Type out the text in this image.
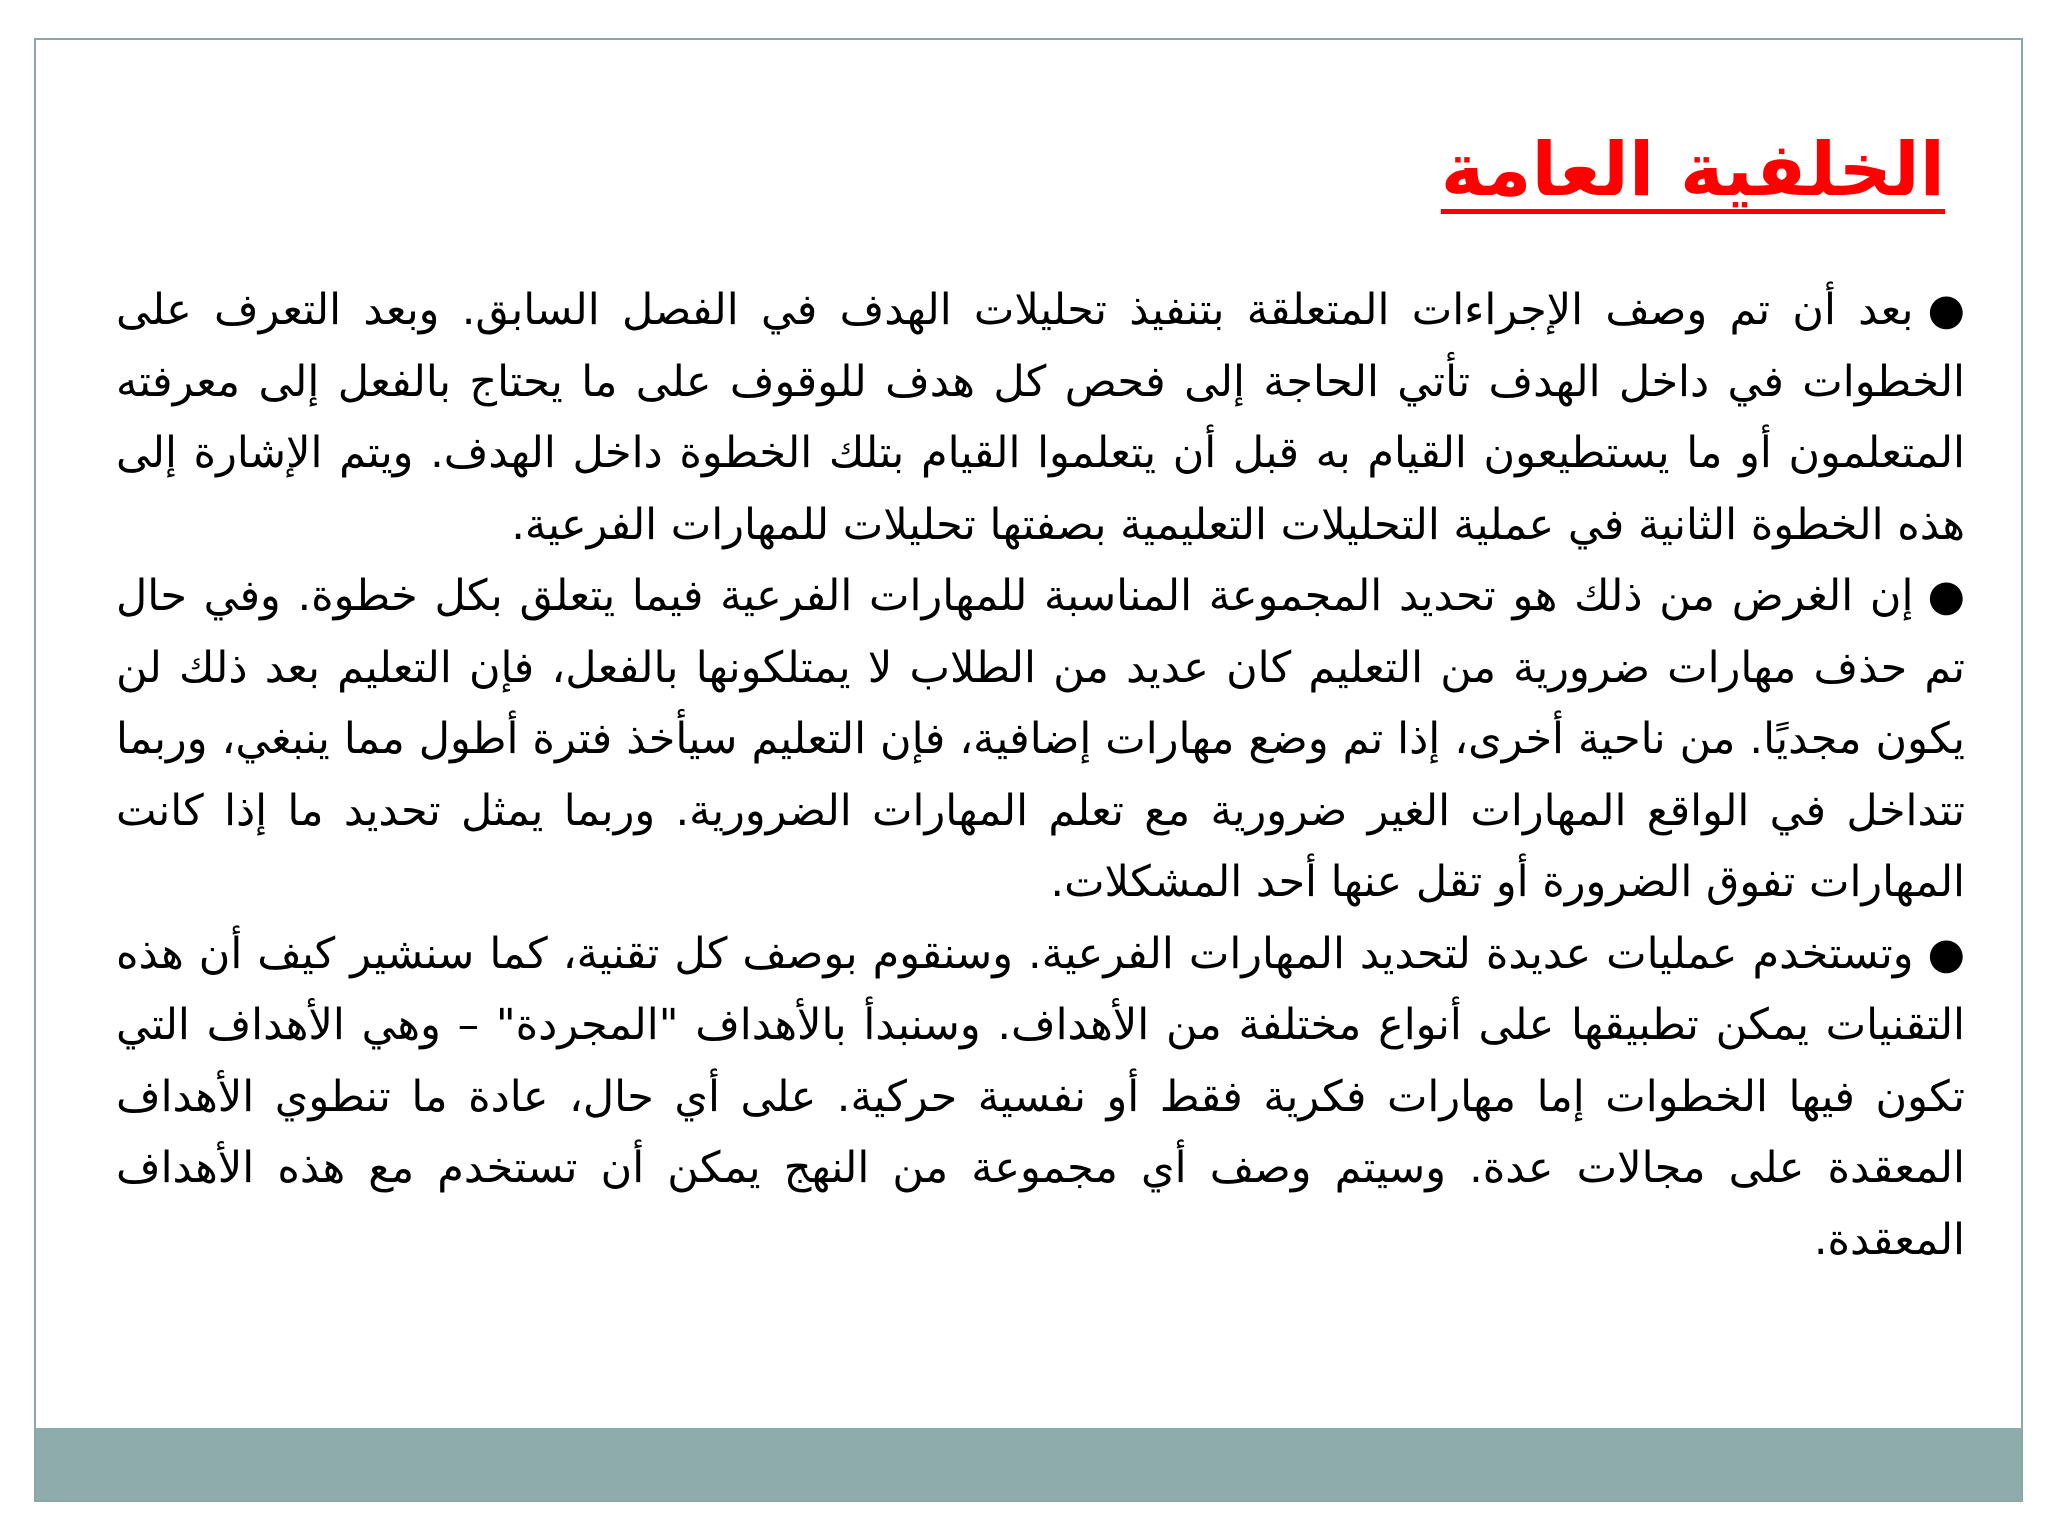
الخلفية العامة

●بعد أن تم وصف الإجراءات المتعلقة بتنفيذ تحليلات الهدف في الفصل السابق. وبعد التعرف على الخطوات في داخل الهدف تأتي الحاجة إلى فحص كل هدف للوقوف على ما يحتاج بالفعل إلى معرفته المتعلمون أو ما يستطيعون القيام به قبل أن يتعلموا القيام بتلك الخطوة داخل الهدف. ويتم الإشارة إلى هذه الخطوة الثانية في عملية التحليلات التعليمية بصفتها تحليلات للمهارات الفرعية.

●إن الغرض من ذلك هو تحديد المجموعة المناسبة للمهارات الفرعية فيما يتعلق بكل خطوة. وفي حال تم حذف مهارات ضرورية من التعليم كان عديد من الطلاب لا يمتلكونها بالفعل، فإن التعليم بعد ذلك لن يكون مجديًا. من ناحية أخرى، إذا تم وضع مهارات إضافية، فإن التعليم سيأخذ فترة أطول مما ينبغي، وربما تتداخل في الواقع المهارات الغير ضرورية مع تعلم المهارات الضرورية. وربما يمثل تحديد ما إذا كانت المهارات تفوق الضرورة أو تقل عنها أحد المشكلات.

●وتستخدم عمليات عديدة لتحديد المهارات الفرعية. وسنقوم بوصف كل تقنية، كما سنشير كيف أن هذه التقنيات يمكن تطبيقها على أنواع مختلفة من الأهداف. وسنبدأ بالأهداف "المجردة" – وهي الأهداف التي تكون فيها الخطوات إما مهارات فكرية فقط أو نفسية حركية. على أي حال، عادة ما تنطوي الأهداف المعقدة على مجالات عدة. وسيتم وصف أي مجموعة من النهج يمكن أن تستخدم مع هذه الأهداف المعقدة.
